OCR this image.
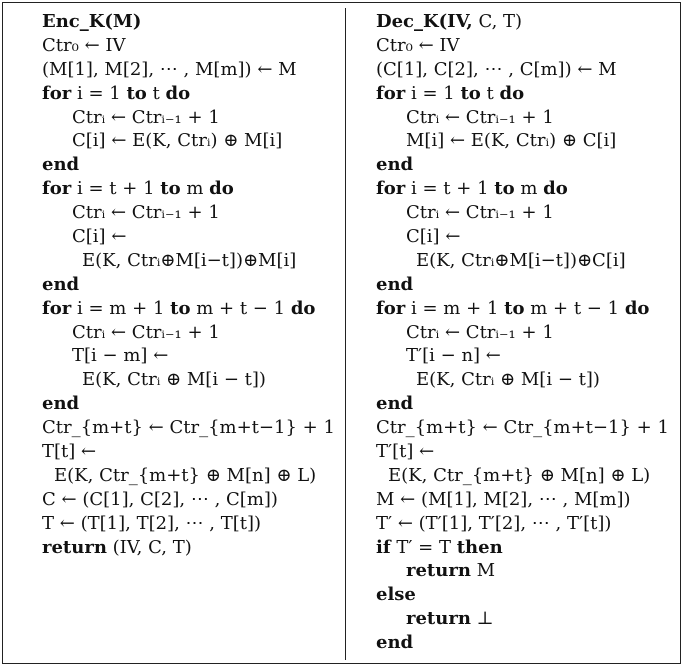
Enc_K(M)
Ctr₀ ← IV
(M[1], M[2], ⋯ , M[m]) ← M
for i = 1 to t do
Ctrᵢ ← Ctrᵢ₋₁ + 1
C[i] ← E(K, Ctrᵢ) ⊕ M[i]
end
for i = t + 1 to m do
Ctrᵢ ← Ctrᵢ₋₁ + 1
C[i] ←
E(K, Ctrᵢ⊕M[i−t])⊕M[i]
end
for i = m + 1 to m + t − 1 do
Ctrᵢ ← Ctrᵢ₋₁ + 1
T[i − m] ←
E(K, Ctrᵢ ⊕ M[i − t])
end
Ctr_{m+t} ← Ctr_{m+t−1} + 1
T[t] ←
E(K, Ctr_{m+t} ⊕ M[n] ⊕ L)
C ← (C[1], C[2], ⋯ , C[m])
T ← (T[1], T[2], ⋯ , T[t])
return (IV, C, T)
Dec_K(IV, C, T)
Ctr₀ ← IV
(C[1], C[2], ⋯ , C[m]) ← M
for i = 1 to t do
Ctrᵢ ← Ctrᵢ₋₁ + 1
M[i] ← E(K, Ctrᵢ) ⊕ C[i]
end
for i = t + 1 to m do
Ctrᵢ ← Ctrᵢ₋₁ + 1
C[i] ←
E(K, Ctrᵢ⊕M[i−t])⊕C[i]
end
for i = m + 1 to m + t − 1 do
Ctrᵢ ← Ctrᵢ₋₁ + 1
T′[i − n] ←
E(K, Ctrᵢ ⊕ M[i − t])
end
Ctr_{m+t} ← Ctr_{m+t−1} + 1
T′[t] ←
E(K, Ctr_{m+t} ⊕ M[n] ⊕ L)
M ← (M[1], M[2], ⋯ , M[m])
T′ ← (T′[1], T′[2], ⋯ , T′[t])
if T′ = T then
return M
else
return ⊥
end
